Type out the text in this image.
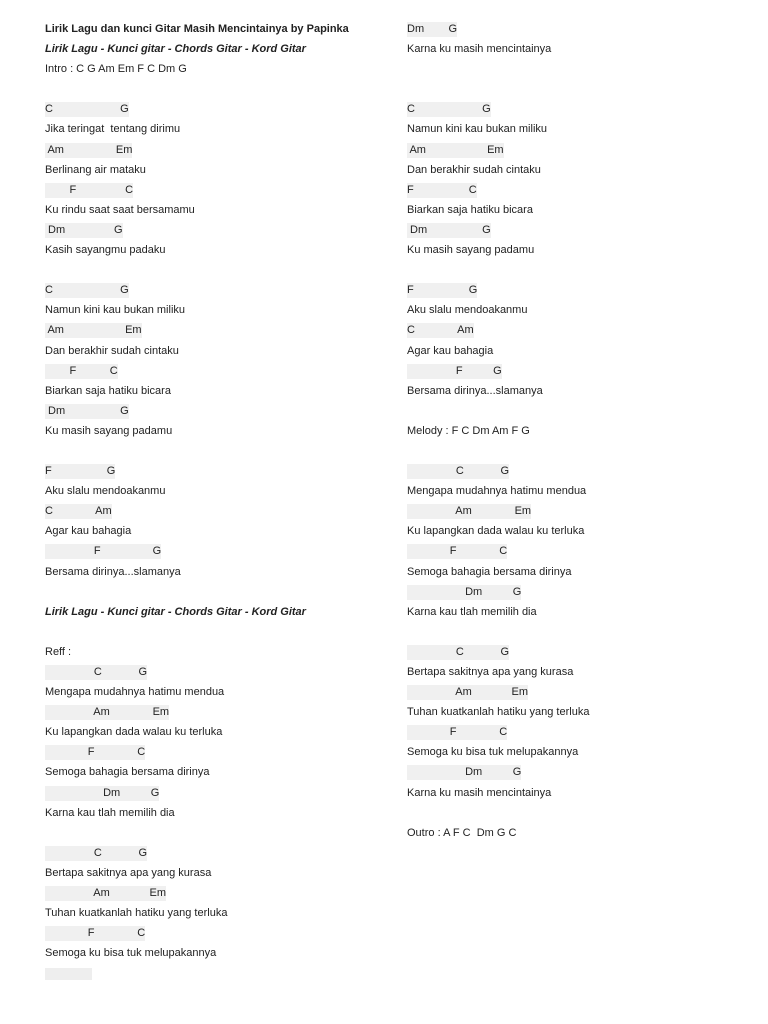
Lirik Lagu dan kunci Gitar Masih Mencintainya by Papinka
Lirik Lagu - Kunci gitar - Chords Gitar - Kord Gitar
Intro : C G Am Em F C Dm G
C                      G
Jika teringat  tentang dirimu
Am                 Em
Berlinang air mataku
F                C
Ku rindu saat saat bersamamu
Dm                G
Kasih sayangmu padaku
C                      G
Namun kini kau bukan miliku
Am                    Em
Dan berakhir sudah cintaku
F           C
Biarkan saja hatiku bicara
Dm                  G
Ku masih sayang padamu
F                  G
Aku slalu mendoakanmu
C              Am
Agar kau bahagia
F                 G
Bersama dirinya...slamanya
Lirik Lagu - Kunci gitar - Chords Gitar - Kord Gitar
Reff :
C            G
Mengapa mudahnya hatimu mendua
Am              Em
Ku lapangkan dada walau ku terluka
F              C
Semoga bahagia bersama dirinya
Dm          G
Karna kau tlah memilih dia
C            G
Bertapa sakitnya apa yang kurasa
Am             Em
Tuhan kuatkanlah hatiku yang terluka
F              C
Semoga ku bisa tuk melupakannya
Dm        G
Karna ku masih mencintainya
C                      G
Namun kini kau bukan miliku
Am                    Em
Dan berakhir sudah cintaku
F                  C
Biarkan saja hatiku bicara
Dm                  G
Ku masih sayang padamu
F                  G
Aku slalu mendoakanmu
C              Am
Agar kau bahagia
F          G
Bersama dirinya...slamanya
Melody : F C Dm Am F G
C            G
Mengapa mudahnya hatimu mendua
Am              Em
Ku lapangkan dada walau ku terluka
F              C
Semoga bahagia bersama dirinya
Dm          G
Karna kau tlah memilih dia
C            G
Bertapa sakitnya apa yang kurasa
Am             Em
Tuhan kuatkanlah hatiku yang terluka
F              C
Semoga ku bisa tuk melupakannya
Dm          G
Karna ku masih mencintainya
Outro : A F C  Dm G C
